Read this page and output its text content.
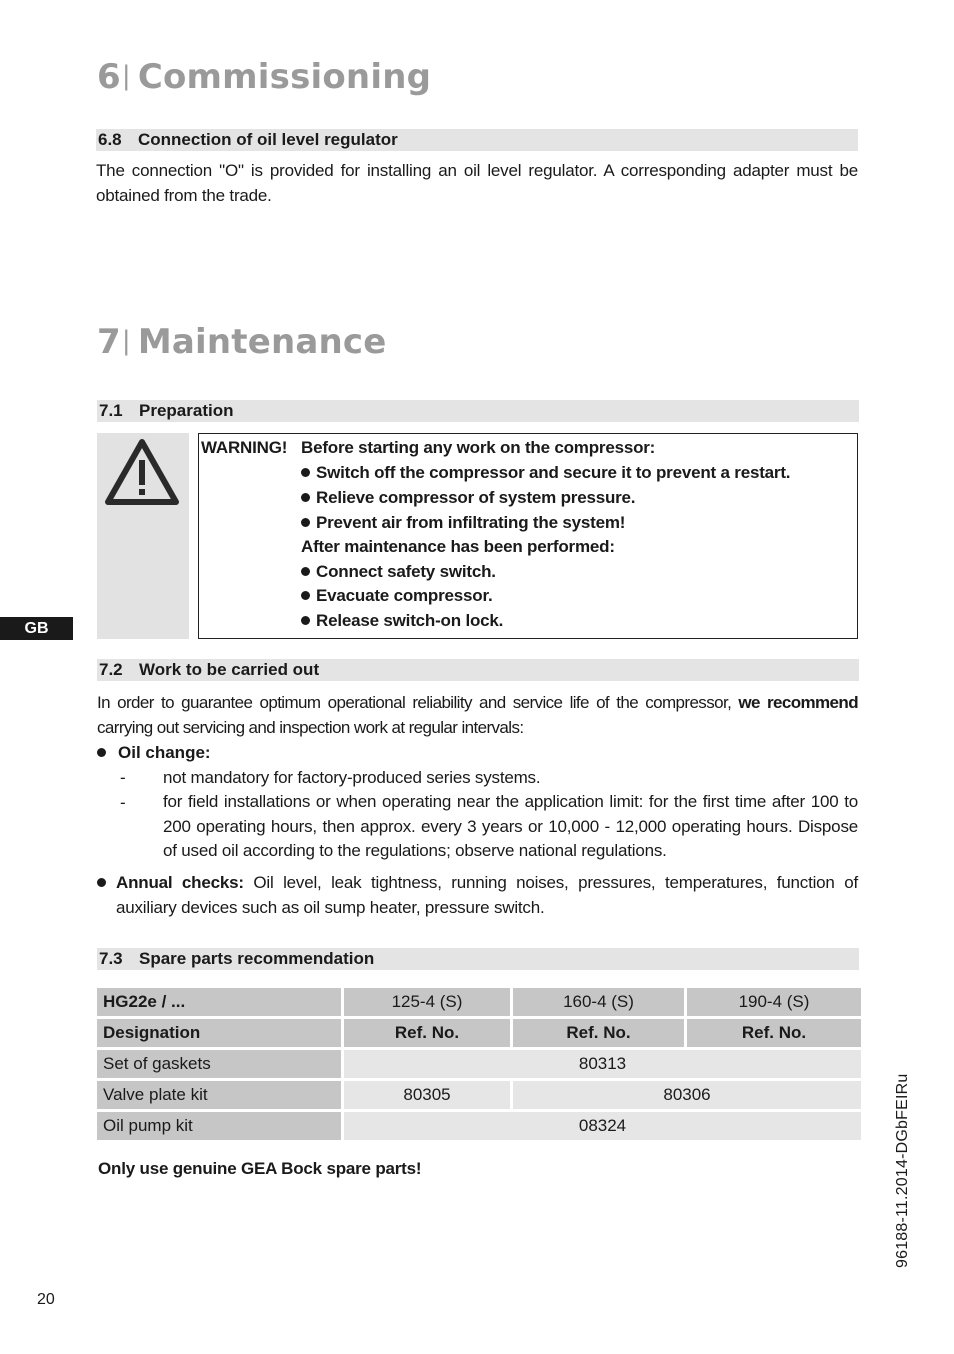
6| Commissioning
6.8 Connection of oil level regulator
The connection "O" is provided for installing an oil level regulator. A corresponding adapter must be obtained from the trade.
7| Maintenance
7.1 Preparation
WARNING! Before starting any work on the compressor:
Switch off the compressor and secure it to prevent a restart.
Relieve compressor of system pressure.
Prevent air from infiltrating the system!
After maintenance has been performed:
Connect safety switch.
Evacuate compressor.
Release switch-on lock.
GB
7.2 Work to be carried out
In order to guarantee optimum operational reliability and service life of the compressor, we recommend carrying out servicing and inspection work at regular intervals:
Oil change:
- not mandatory for factory-produced series systems.
- for field installations or when operating near the application limit: for the first time after 100 to 200 operating hours, then approx. every 3 years or 10,000 - 12,000 operating hours. Dispose of used oil according to the regulations; observe national regulations.
Annual checks: Oil level, leak tightness, running noises, pressures, temperatures, function of auxiliary devices such as oil sump heater, pressure switch.
7.3 Spare parts recommendation
HG22e / ...	125-4 (S)	160-4 (S)	190-4 (S)
Designation	Ref. No.	Ref. No.	Ref. No.
Set of gaskets	80313		
Valve plate kit	80305	80306	
Oil pump kit	08324		
Only use genuine GEA Bock spare parts!
20
96188-11.2014-DGbFEIRu
